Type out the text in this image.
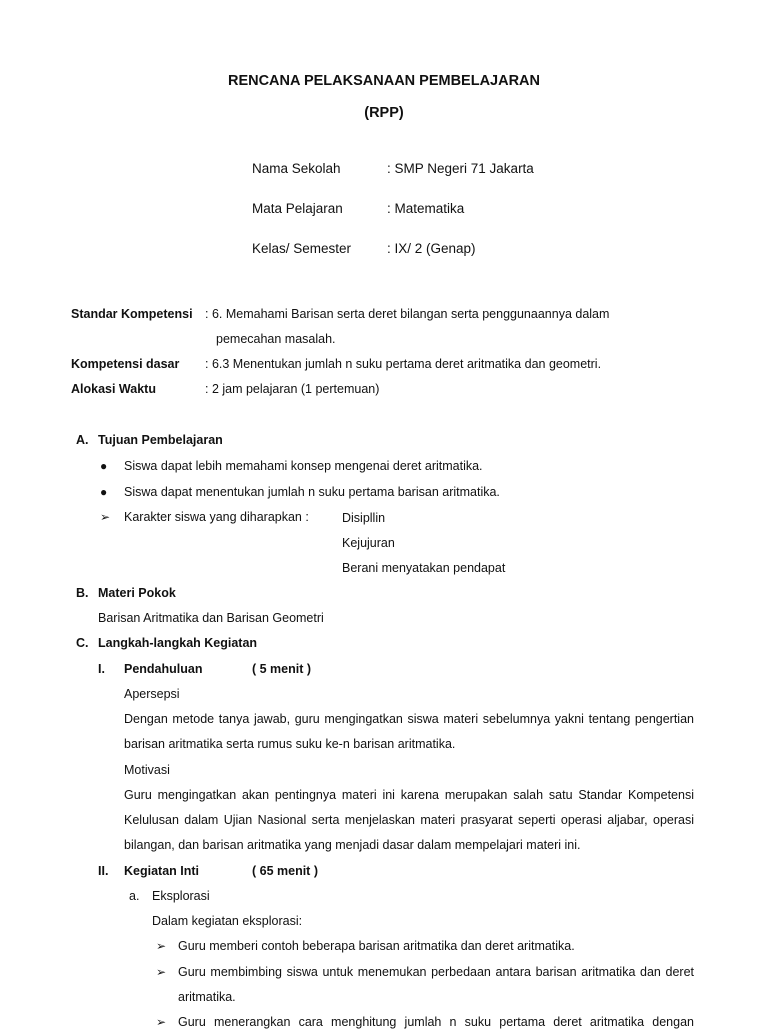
RENCANA PELAKSANAAN PEMBELAJARAN
(RPP)
Nama Sekolah	: SMP Negeri 71 Jakarta
Mata Pelajaran	: Matematika
Kelas/ Semester	: IX/ 2 (Genap)
Standar Kompetensi : 6. Memahami Barisan serta deret bilangan serta penggunaannya dalam
pemecahan masalah.
Kompetensi dasar : 6.3 Menentukan jumlah n suku pertama deret aritmatika dan geometri.
Alokasi Waktu	: 2 jam pelajaran (1 pertemuan)
A. Tujuan Pembelajaran
● Siswa dapat lebih memahami konsep mengenai deret aritmatika.
● Siswa dapat menentukan jumlah n suku pertama barisan aritmatika.
➢ Karakter siswa yang diharapkan :	Disipllin
Kejujuran
Berani menyatakan pendapat
B. Materi Pokok
Barisan Aritmatika dan Barisan Geometri
C. Langkah-langkah Kegiatan
I. Pendahuluan	( 5 menit )
Apersepsi
Dengan metode tanya jawab, guru mengingatkan siswa materi sebelumnya yakni tentang pengertian
barisan aritmatika serta rumus suku ke-n barisan aritmatika.
Motivasi
Guru mengingatkan akan pentingnya materi ini karena merupakan salah satu Standar Kompetensi
Kelulusan dalam Ujian Nasional serta menjelaskan materi prasyarat seperti operasi aljabar, operasi
bilangan, dan barisan aritmatika yang menjadi dasar dalam mempelajari materi ini.
II. Kegiatan Inti	( 65 menit )
a. Eksplorasi
Dalam kegiatan eksplorasi:
➢ Guru memberi contoh beberapa barisan aritmatika dan deret aritmatika.
➢ Guru membimbing siswa untuk menemukan perbedaan antara barisan aritmatika dan deret
aritmatika.
➢ Guru menerangkan cara menghitung jumlah n suku pertama deret aritmatika dengan
